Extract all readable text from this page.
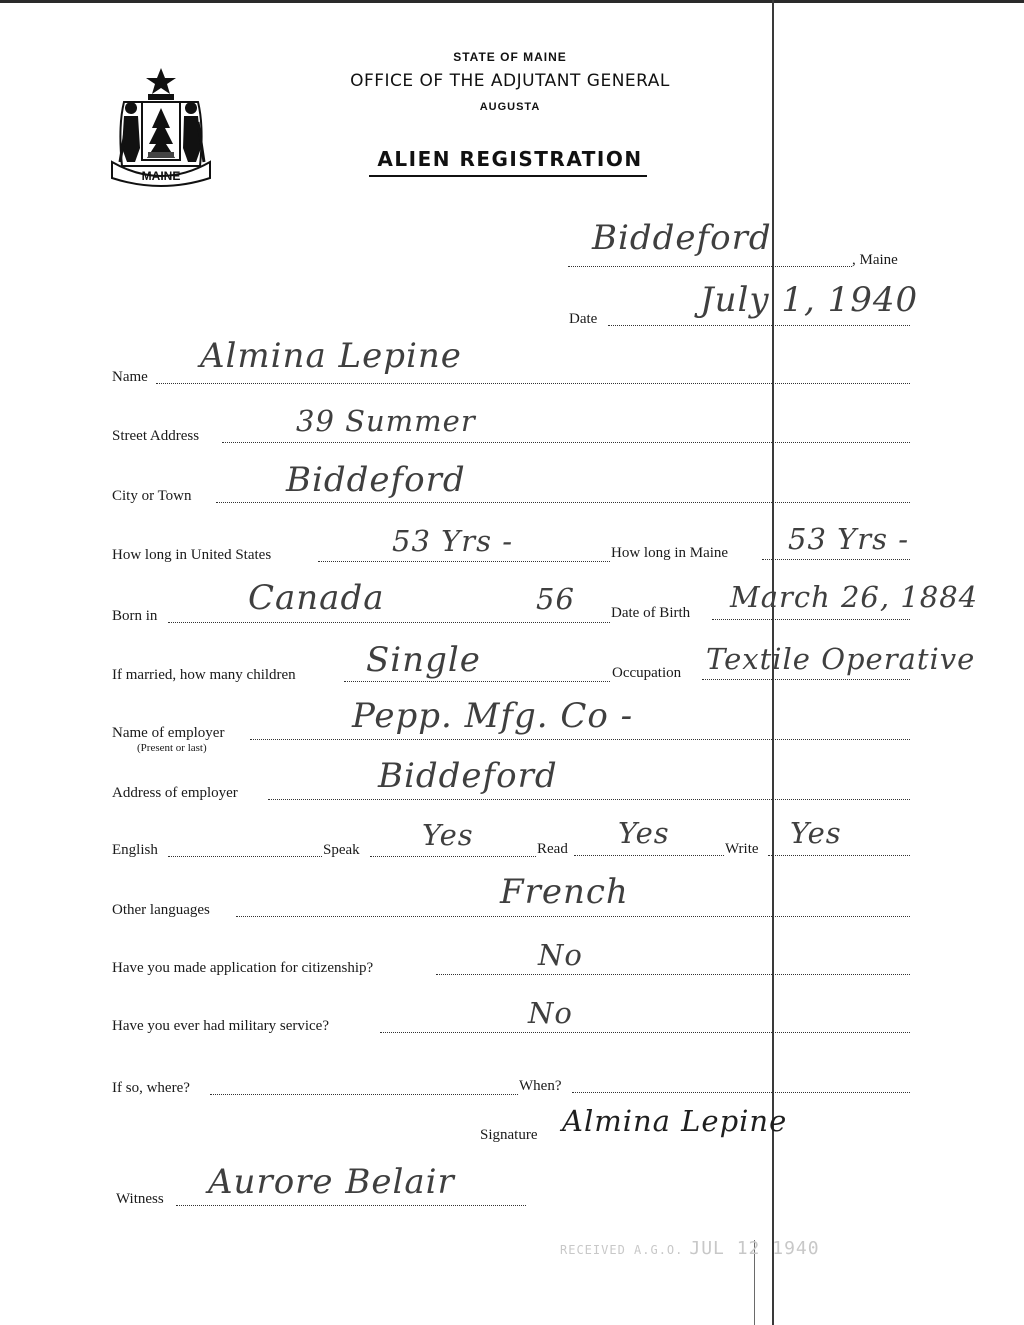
MAINE
STATE OF MAINE
OFFICE OF THE ADJUTANT GENERAL
AUGUSTA
ALIEN REGISTRATION
Biddeford
, Maine
Date	July 1, 1940
Name
Almina Lepine
Street Address	39 Summer
City or Town	Biddeford
How long in United States	53 Yrs -	How long in Maine 53 Yrs -
Born in	Canada	56 Date of Birth March 26, 1884
If married, how many children Single	Occupation Textile Operative
Name of employer
(Present or last)
Pepp. Mfg. Co -
Address of employer	Biddeford
English	Speak Yes	Read Yes	Write Yes
Other languages	French
Have you made application for citizenship?	No
Have you ever had military service?	No
If so, where?	When?
Signature Almina Lepine
Witness Aurore Belair
RECEIVED A.G.O. JUL 12 1940
